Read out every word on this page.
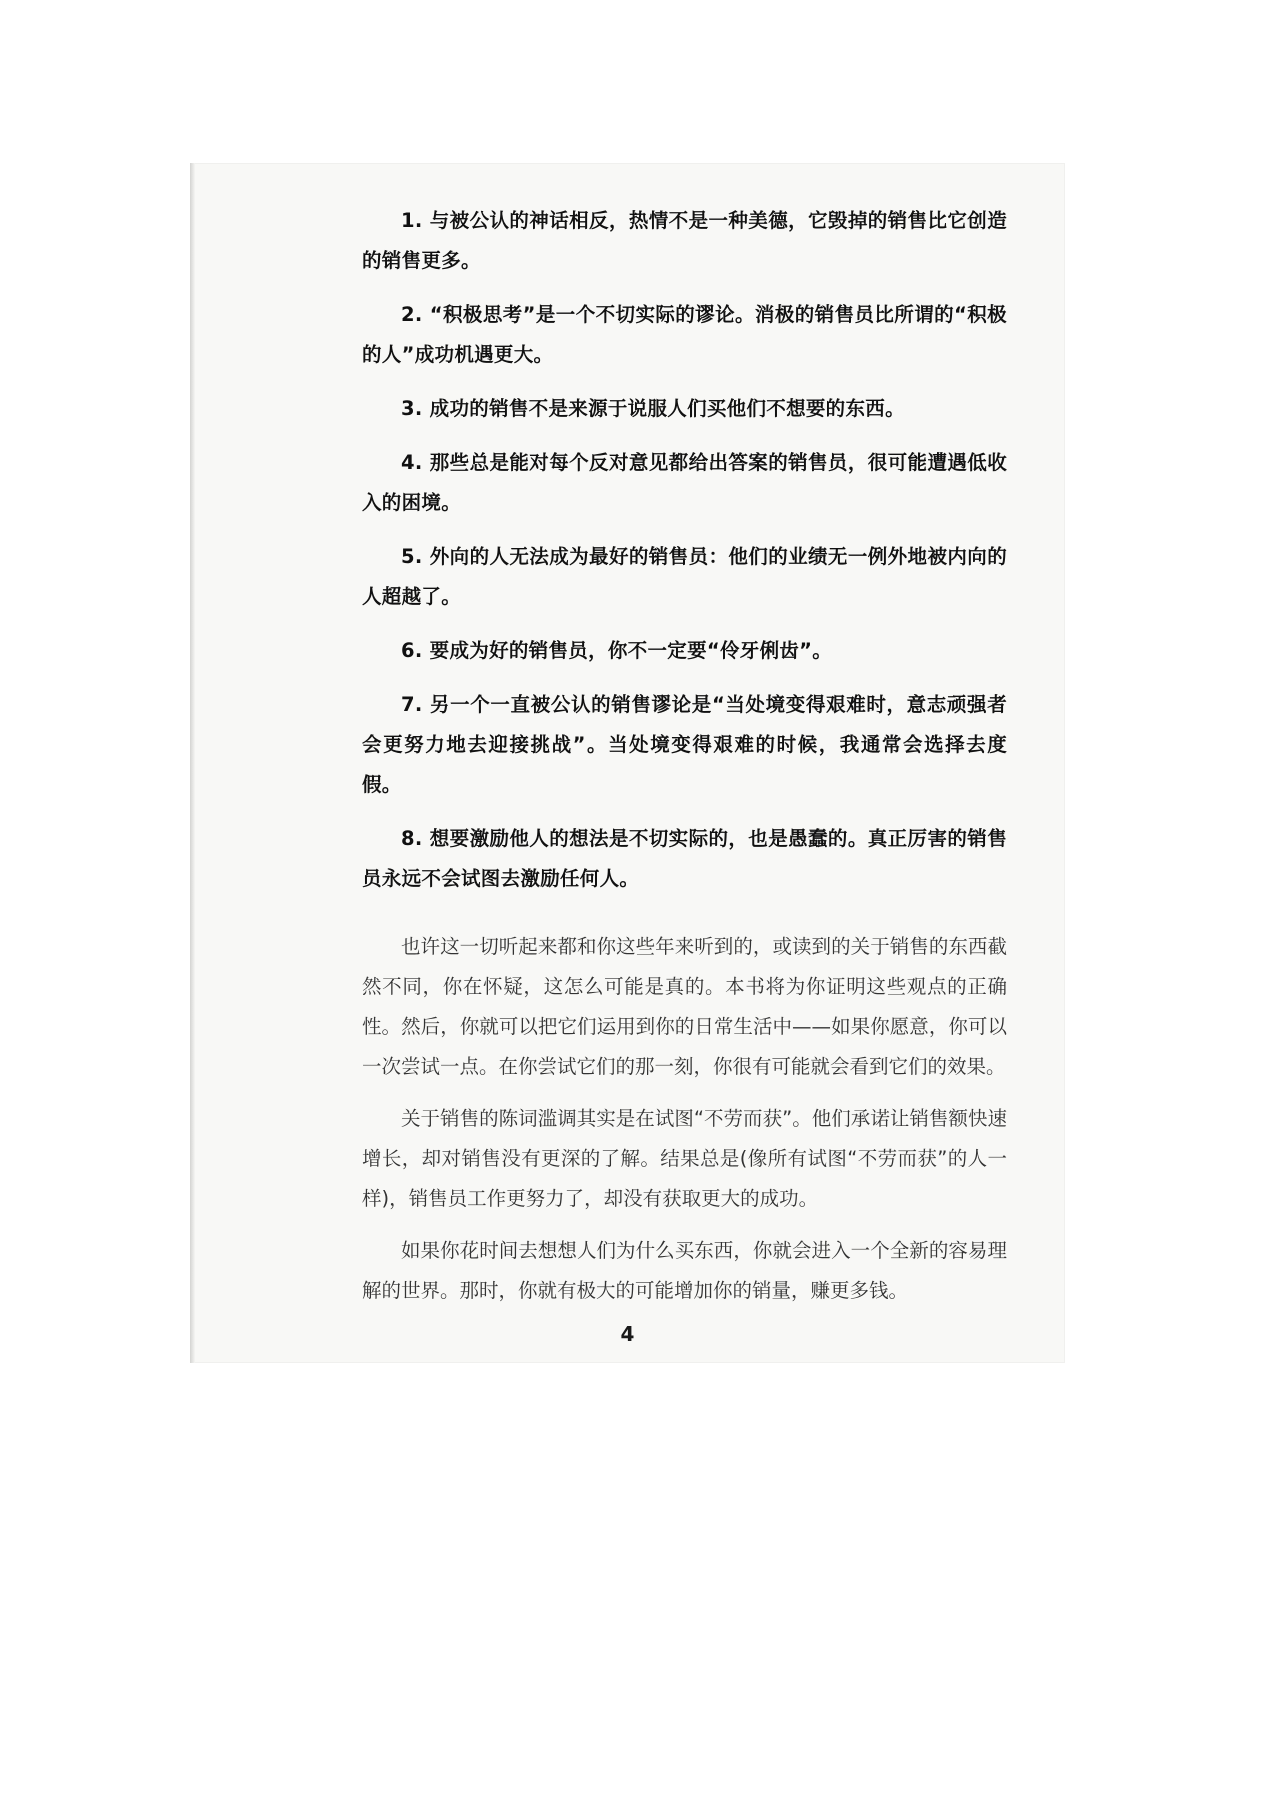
1. 与被公认的神话相反，热情不是一种美德，它毁掉的销售比它创造的销售更多。

2. “积极思考”是一个不切实际的谬论。消极的销售员比所谓的“积极的人”成功机遇更大。

3. 成功的销售不是来源于说服人们买他们不想要的东西。

4. 那些总是能对每个反对意见都给出答案的销售员，很可能遭遇低收入的困境。

5. 外向的人无法成为最好的销售员：他们的业绩无一例外地被内向的人超越了。

6. 要成为好的销售员，你不一定要“伶牙俐齿”。

7. 另一个一直被公认的销售谬论是“当处境变得艰难时，意志顽强者会更努力地去迎接挑战”。当处境变得艰难的时候，我通常会选择去度假。

8. 想要激励他人的想法是不切实际的，也是愚蠢的。真正厉害的销售员永远不会试图去激励任何人。

也许这一切听起来都和你这些年来听到的，或读到的关于销售的东西截然不同，你在怀疑，这怎么可能是真的。本书将为你证明这些观点的正确性。然后，你就可以把它们运用到你的日常生活中——如果你愿意，你可以一次尝试一点。在你尝试它们的那一刻，你很有可能就会看到它们的效果。

关于销售的陈词滥调其实是在试图“不劳而获”。他们承诺让销售额快速增长，却对销售没有更深的了解。结果总是(像所有试图“不劳而获”的人一样)，销售员工作更努力了，却没有获取更大的成功。

如果你花时间去想想人们为什么买东西，你就会进入一个全新的容易理解的世界。那时，你就有极大的可能增加你的销量，赚更多钱。

4
